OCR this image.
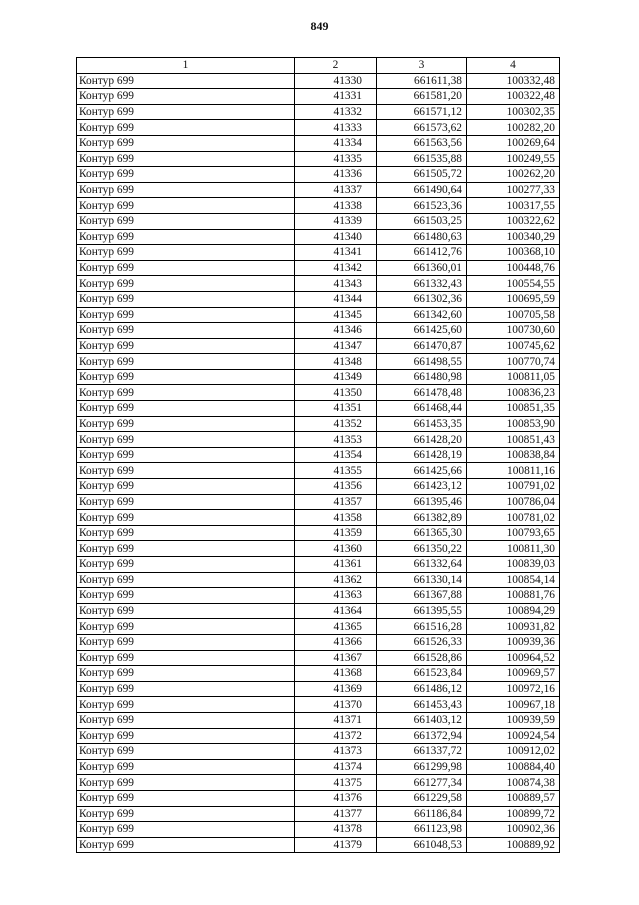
849
1	2	3	4
Контур 699	41330	661611,38	100332,48
Контур 699	41331	661581,20	100322,48
Контур 699	41332	661571,12	100302,35
Контур 699	41333	661573,62	100282,20
Контур 699	41334	661563,56	100269,64
Контур 699	41335	661535,88	100249,55
Контур 699	41336	661505,72	100262,20
Контур 699	41337	661490,64	100277,33
Контур 699	41338	661523,36	100317,55
Контур 699	41339	661503,25	100322,62
Контур 699	41340	661480,63	100340,29
Контур 699	41341	661412,76	100368,10
Контур 699	41342	661360,01	100448,76
Контур 699	41343	661332,43	100554,55
Контур 699	41344	661302,36	100695,59
Контур 699	41345	661342,60	100705,58
Контур 699	41346	661425,60	100730,60
Контур 699	41347	661470,87	100745,62
Контур 699	41348	661498,55	100770,74
Контур 699	41349	661480,98	100811,05
Контур 699	41350	661478,48	100836,23
Контур 699	41351	661468,44	100851,35
Контур 699	41352	661453,35	100853,90
Контур 699	41353	661428,20	100851,43
Контур 699	41354	661428,19	100838,84
Контур 699	41355	661425,66	100811,16
Контур 699	41356	661423,12	100791,02
Контур 699	41357	661395,46	100786,04
Контур 699	41358	661382,89	100781,02
Контур 699	41359	661365,30	100793,65
Контур 699	41360	661350,22	100811,30
Контур 699	41361	661332,64	100839,03
Контур 699	41362	661330,14	100854,14
Контур 699	41363	661367,88	100881,76
Контур 699	41364	661395,55	100894,29
Контур 699	41365	661516,28	100931,82
Контур 699	41366	661526,33	100939,36
Контур 699	41367	661528,86	100964,52
Контур 699	41368	661523,84	100969,57
Контур 699	41369	661486,12	100972,16
Контур 699	41370	661453,43	100967,18
Контур 699	41371	661403,12	100939,59
Контур 699	41372	661372,94	100924,54
Контур 699	41373	661337,72	100912,02
Контур 699	41374	661299,98	100884,40
Контур 699	41375	661277,34	100874,38
Контур 699	41376	661229,58	100889,57
Контур 699	41377	661186,84	100899,72
Контур 699	41378	661123,98	100902,36
Контур 699	41379	661048,53	100889,92
